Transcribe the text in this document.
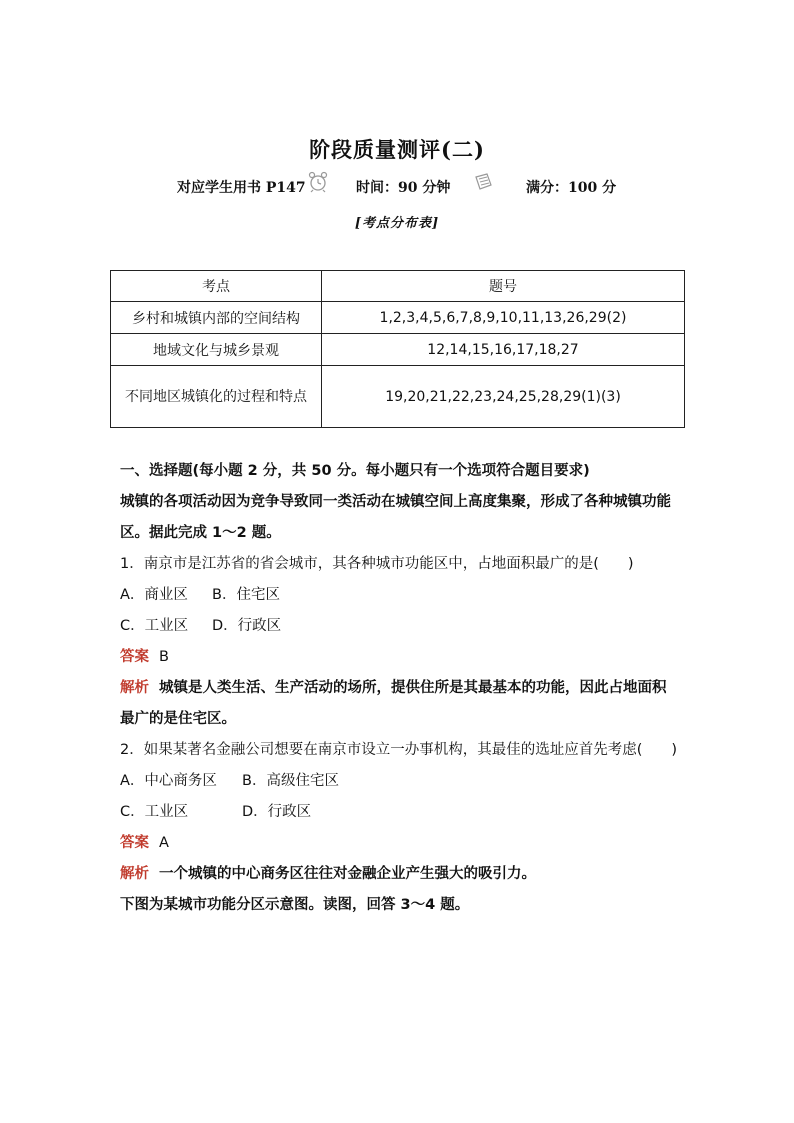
阶段质量测评(二)
对应学生用书 P147	时间：90 分钟	满分：100 分
[考点分布表]
考点	题号
乡村和城镇内部的空间结构	1,2,3,4,5,6,7,8,9,10,11,13,26,29(2)
地域文化与城乡景观	12,14,15,16,17,18,27
不同地区城镇化的过程和特点	19,20,21,22,23,24,25,28,29(1)(3)

一、选择题(每小题 2 分，共 50 分。每小题只有一个选项符合题目要求)

城镇的各项活动因为竞争导致同一类活动在城镇空间上高度集聚，形成了各种城镇功能区。据此完成 1～2 题。

1．南京市是江苏省的省会城市，其各种城市功能区中，占地面积最广的是(　　)

A．商业区 B．住宅区

C．工业区 D．行政区

答案 B

解析 城镇是人类生活、生产活动的场所，提供住所是其最基本的功能，因此占地面积最广的是住宅区。

2．如果某著名金融公司想要在南京市设立一办事机构，其最佳的选址应首先考虑(　　)

A．中心商务区 B．高级住宅区

C．工业区	D．行政区

答案 A

解析 一个城镇的中心商务区往往对金融企业产生强大的吸引力。

下图为某城市功能分区示意图。读图，回答 3～4 题。
